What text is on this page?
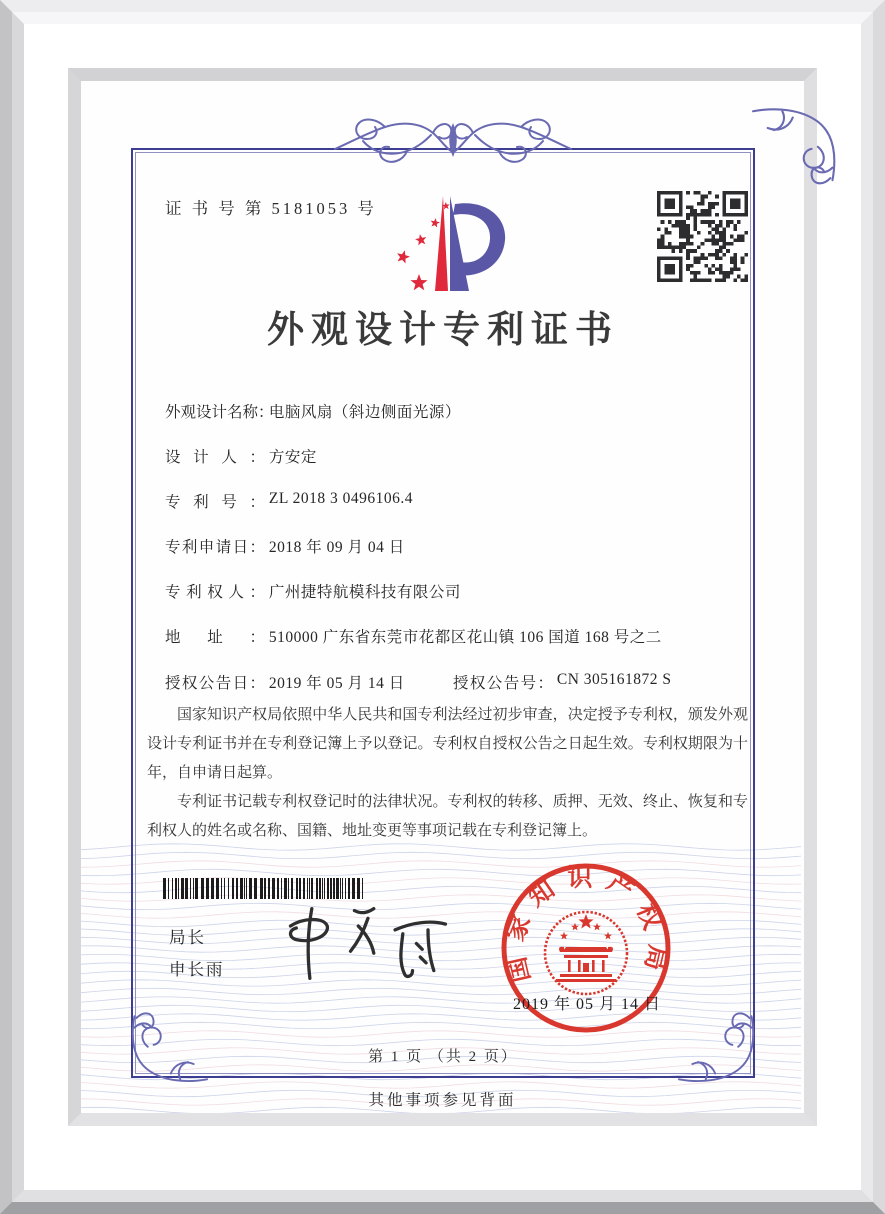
证 书 号 第 5181053 号
外观设计专利证书
外观设计名称： 电脑风扇（斜边侧面光源）
设计人： 方安定
专利号： ZL 2018 3 0496106.4
专利申请日： 2018 年 09 月 04 日
专利权人： 广州捷特航模科技有限公司
地址： 510000 广东省东莞市花都区花山镇 106 国道 168 号之二
授权公告日： 2019 年 05 月 14 日	授权公告号： CN 305161872 S

国家知识产权局依照中华人民共和国专利法经过初步审查，决定授予专利权，颁发外观设计专利证书并在专利登记簿上予以登记。专利权自授权公告之日起生效。专利权期限为十年，自申请日起算。

专利证书记载专利权登记时的法律状况。专利权的转移、质押、无效、终止、恢复和专利权人的姓名或名称、国籍、地址变更等事项记载在专利登记簿上。

局长
申长雨	国家知识产权局
2019 年 05 月 14 日
第 1 页 （共 2 页）
其他事项参见背面
